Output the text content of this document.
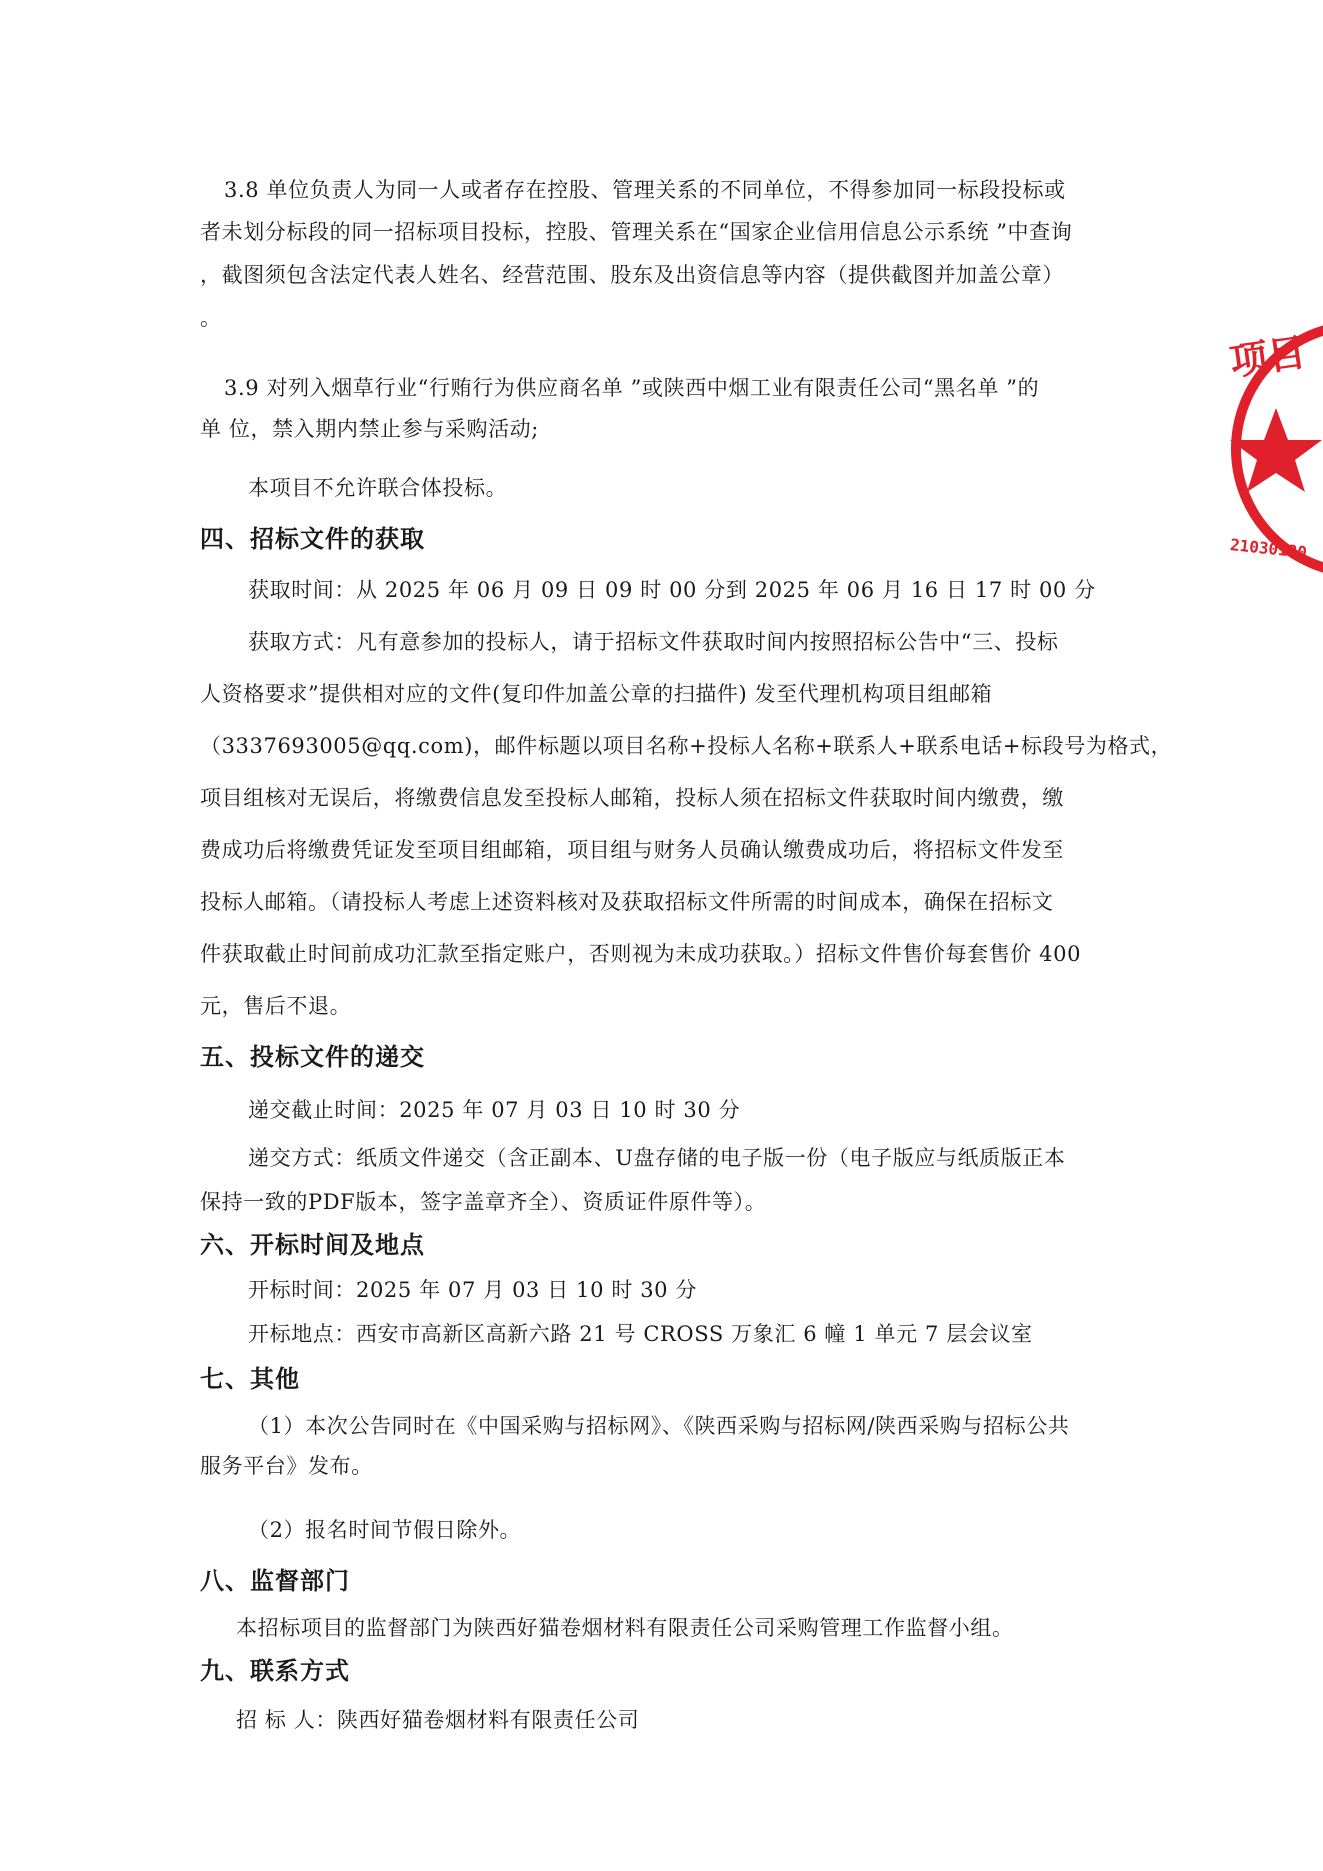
3.8 单位负责人为同一人或者存在控股、管理关系的不同单位，不得参加同一标段投标或
者未划分标段的同一招标项目投标，控股、管理关系在“国家企业信用信息公示系统 ”中查询
，截图须包含法定代表人姓名、经营范围、股东及出资信息等内容（提供截图并加盖公章）
。
3.9 对列入烟草行业“行贿行为供应商名单 ”或陕西中烟工业有限责任公司“黑名单 ”的
单 位，禁入期内禁止参与采购活动;
本项目不允许联合体投标。
四、招标文件的获取
获取时间：从 2025 年 06 月 09 日 09 时 00 分到 2025 年 06 月 16 日 17 时 00 分
获取方式：凡有意参加的投标人，请于招标文件获取时间内按照招标公告中“三、投标
人资格要求”提供相对应的文件(复印件加盖公章的扫描件) 发至代理机构项目组邮箱
（3337693005@qq.com)，邮件标题以项目名称+投标人名称+联系人+联系电话+标段号为格式，
项目组核对无误后，将缴费信息发至投标人邮箱，投标人须在招标文件获取时间内缴费，缴
费成功后将缴费凭证发至项目组邮箱，项目组与财务人员确认缴费成功后，将招标文件发至
投标人邮箱。（请投标人考虑上述资料核对及获取招标文件所需的时间成本，确保在招标文
件获取截止时间前成功汇款至指定账户，否则视为未成功获取。）招标文件售价每套售价 400
元，售后不退。
五、投标文件的递交
递交截止时间：2025 年 07 月 03 日 10 时 30 分
递交方式：纸质文件递交（含正副本、U盘存储的电子版一份（电子版应与纸质版正本
保持一致的PDF版本，签字盖章齐全）、资质证件原件等）。
六、开标时间及地点
开标时间：2025 年 07 月 03 日 10 时 30 分
开标地点：西安市高新区高新六路 21 号 CROSS 万象汇 6 幢 1 单元 7 层会议室
七、其他
（1）本次公告同时在《中国采购与招标网》、《陕西采购与招标网/陕西采购与招标公共
服务平台》发布。
（2）报名时间节假日除外。
八、监督部门
本招标项目的监督部门为陕西好猫卷烟材料有限责任公司采购管理工作监督小组。
九、联系方式
招 标 人：陕西好猫卷烟材料有限责任公司
项目
21030130
